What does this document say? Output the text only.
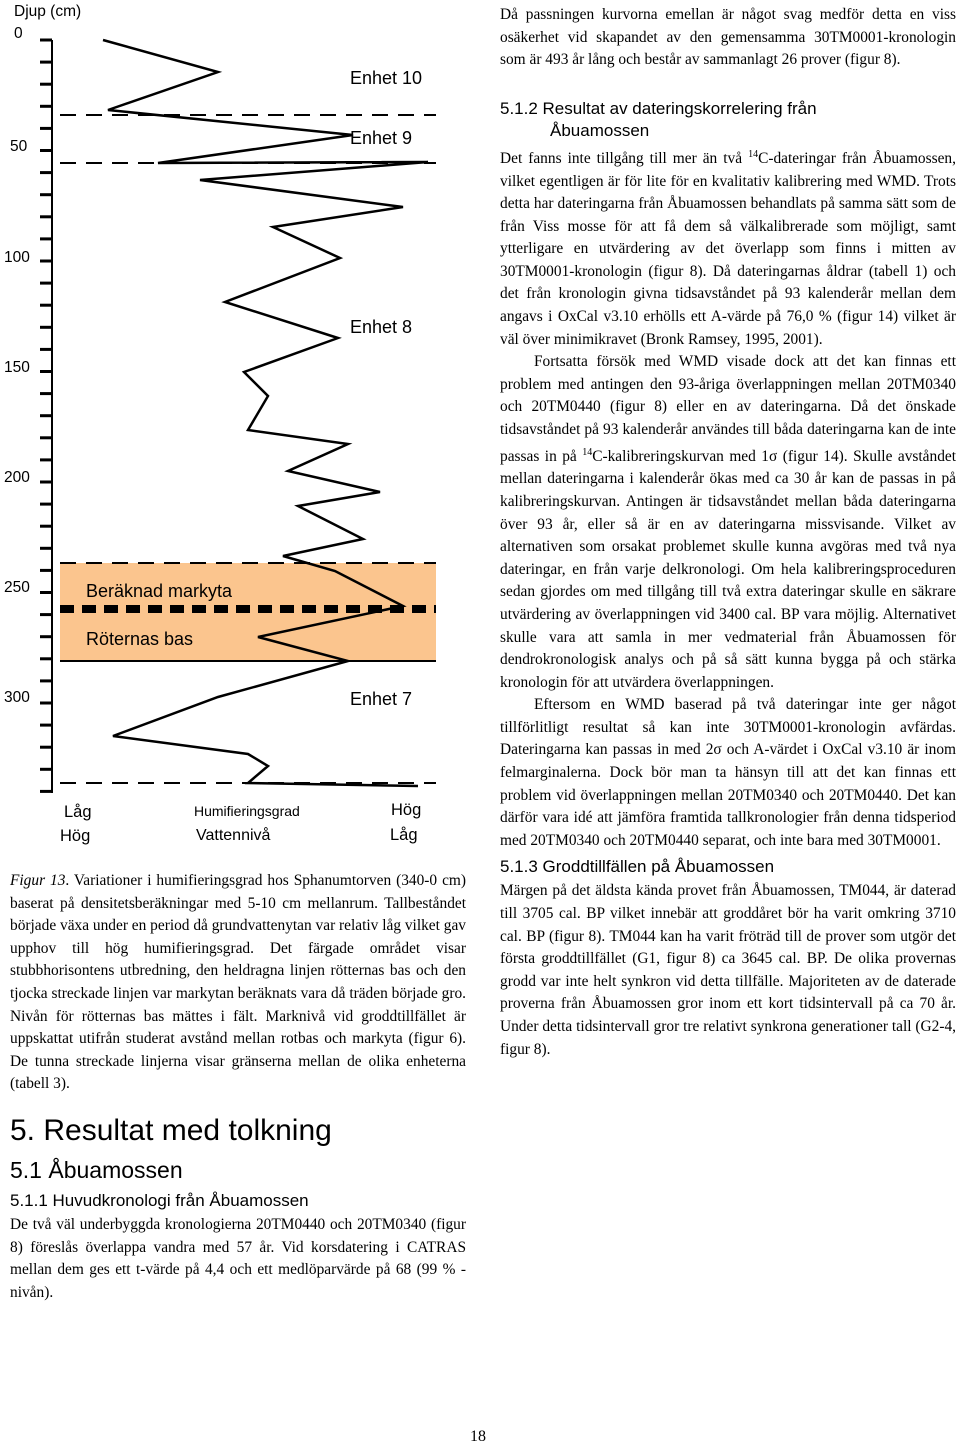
Djup (cm)
0
50
100
150
200
250
300
Enhet 10
Enhet 9
Enhet 8
Enhet 7
Beräknad markyta
Röternas bas
Låg
Hög
Humifieringsgrad
Vattennivå
Hög
Låg

Figur 13. Variationer i humifieringsgrad hos Sphanumtorven (340-0 cm) baserat på densitetsberäkningar med 5-10 cm mellanrum. Tallbeståndet började växa under en period då grundvattenytan var relativ låg vilket gav upphov till hög humifieringsgrad. Det färgade området visar stubbhorisontens utbredning, den heldragna linjen rötternas bas och den tjocka streckade linjen var markytan beräknats vara då träden började gro. Nivån för rötternas bas mättes i fält. Marknivå vid groddtillfället är uppskattat utifrån studerat avstånd mellan rotbas och markyta (figur 6). De tunna streckade linjerna visar gränserna mellan de olika enheterna (tabell 3).

5. Resultat med tolkning
5.1 Åbuamossen
5.1.1 Huvudkronologi från Åbuamossen

De två väl underbyggda kronologierna 20TM0440 och 20TM0340 (figur 8) föreslås överlappa vandra med 57 år. Vid korsdatering i CATRAS mellan dem ges ett t-värde på 4,4 och ett medlöparvärde på 68 (99 % -nivån).

Då passningen kurvorna emellan är något svag medför detta en viss osäkerhet vid skapandet av den gemensamma 30TM0001-kronologin som är 493 år lång och består av sammanlagt 26 prover (figur 8).

5.1.2 Resultat av dateringskorrelering från
Åbuamossen

Det fanns inte tillgång till mer än två $^{14}$C-dateringar från Åbuamossen, vilket egentligen är för lite för en kvalitativ kalibrering med WMD. Trots detta har dateringarna från Åbuamossen behandlats på samma sätt som de från Viss mosse för att få dem så välkalibrerade som möjligt, samt ytterligare en utvärdering av det överlapp som finns i mitten av 30TM0001-kronologin (figur 8). Då dateringarnas åldrar (tabell 1) och det från kronologin givna tidsavståndet på 93 kalenderår mellan dem angavs i OxCal v3.10 erhölls ett A-värde på 76,0 % (figur 14) vilket är väl över minimikravet (Bronk Ramsey, 1995, 2001).

Fortsatta försök med WMD visade dock att det kan finnas ett problem med antingen den 93-åriga överlappningen mellan 20TM0340 och 20TM0440 (figur 8) eller en av dateringarna. Då det önskade tidsavståndet på 93 kalenderår användes till båda dateringarna kan de inte passas in på $^{14}$C-kalibreringskurvan med 1σ (figur 14). Skulle avståndet mellan dateringarna i kalenderår ökas med ca 30 år kan de passas in på kalibreringskurvan. Antingen är tidsavståndet mellan båda dateringarna över 93 år, eller så är en av dateringarna missvisande. Vilket av alternativen som orsakat problemet skulle kunna avgöras med två nya dateringar, en från varje delkronologi. Om hela kalibreringsproceduren sedan gjordes om med tillgång till två extra dateringar skulle en säkrare utvärdering av överlappningen vid 3400 cal. BP vara möjlig. Alternativet skulle vara att samla in mer vedmaterial från Åbuamossen för dendrokronologisk analys och på så sätt kunna bygga på och stärka kronologin för att utvärdera överlappningen.

Eftersom en WMD baserad på två dateringar inte ger något tillförlitligt resultat så kan inte 30TM0001-kronologin avfärdas. Dateringarna kan passas in med 2σ och A-värdet i OxCal v3.10 är inom felmarginalerna. Dock bör man ta hänsyn till att det kan finnas ett problem vid överlappningen mellan 20TM0340 och 20TM0440. Det kan därför vara idé att jämföra framtida tallkronologier från denna tidsperiod med 20TM0340 och 20TM0440 separat, och inte bara med 30TM0001.

5.1.3 Groddtillfällen på Åbuamossen

Märgen på det äldsta kända provet från Åbuamossen, TM044, är daterad till 3705 cal. BP vilket innebär att groddåret bör ha varit omkring 3710 cal. BP (figur 8). TM044 kan ha varit fröträd till de prover som utgör det första groddtillfället (G1, figur 8) ca 3645 cal. BP. De olika provernas grodd var inte helt synkron vid detta tillfälle. Majoriteten av de daterade proverna från Åbuamossen gror inom ett kort tidsintervall på ca 70 år. Under detta tidsintervall gror tre relativt synkrona generationer tall (G2-4, figur 8).

18
